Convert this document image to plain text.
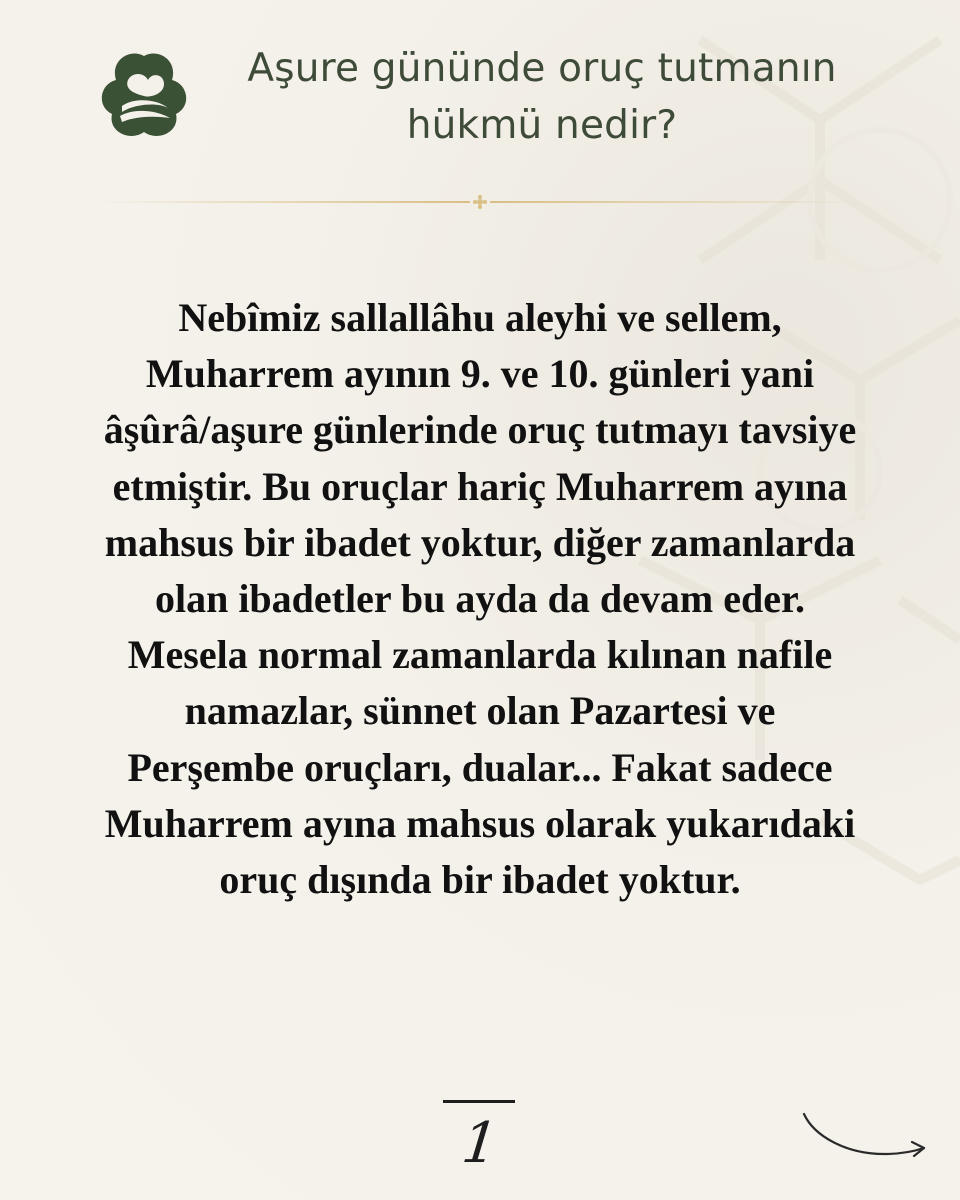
Aşure gününde oruç tutmanın
hükmü nedir?

Nebîmiz sallallâhu aleyhi ve sellem,
Muharrem ayının 9. ve 10. günleri yani
âşûrâ/aşure günlerinde oruç tutmayı tavsiye
etmiştir. Bu oruçlar hariç Muharrem ayına
mahsus bir ibadet yoktur, diğer zamanlarda
olan ibadetler bu ayda da devam eder.
Mesela normal zamanlarda kılınan nafile
namazlar, sünnet olan Pazartesi ve
Perşembe oruçları, dualar... Fakat sadece
Muharrem ayına mahsus olarak yukarıdaki
oruç dışında bir ibadet yoktur.

1
